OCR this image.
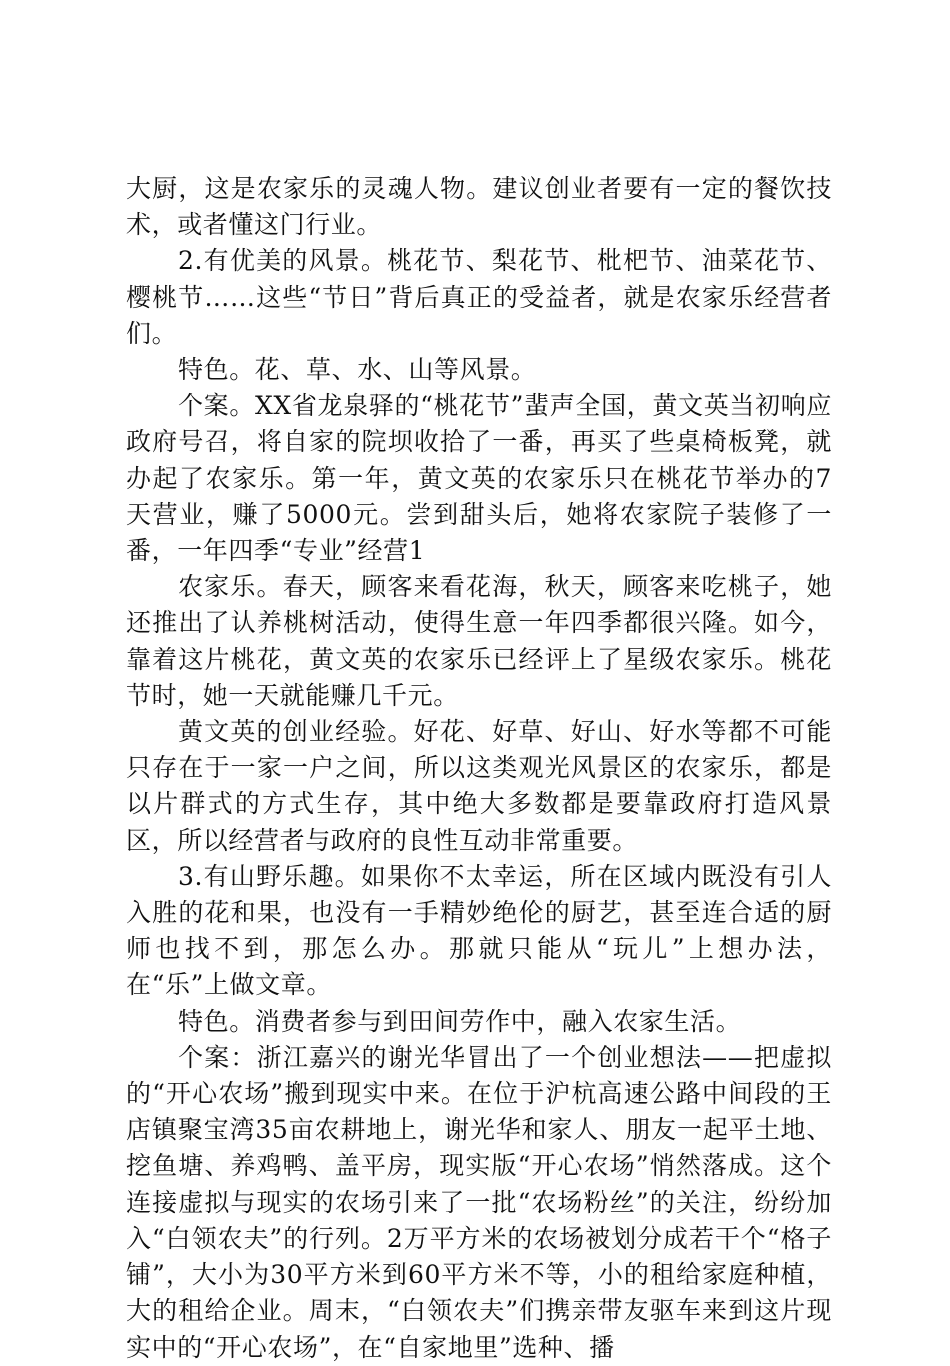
大厨，这是农家乐的灵魂人物。建议创业者要有一定的餐饮技术，或者懂这门行业。

2.有优美的风景。桃花节、梨花节、枇杷节、油菜花节、樱桃节……这些“节日”背后真正的受益者，就是农家乐经营者们。

特色。花、草、水、山等风景。

个案。XX省龙泉驿的“桃花节”蜚声全国，黄文英当初响应政府号召，将自家的院坝收拾了一番，再买了些桌椅板凳，就办起了农家乐。第一年，黄文英的农家乐只在桃花节举办的7天营业，赚了5000元。尝到甜头后，她将农家院子装修了一番，一年四季“专业”经营1

农家乐。春天，顾客来看花海，秋天，顾客来吃桃子，她还推出了认养桃树活动，使得生意一年四季都很兴隆。如今，靠着这片桃花，黄文英的农家乐已经评上了星级农家乐。桃花节时，她一天就能赚几千元。

黄文英的创业经验。好花、好草、好山、好水等都不可能只存在于一家一户之间，所以这类观光风景区的农家乐，都是以片群式的方式生存，其中绝大多数都是要靠政府打造风景区，所以经营者与政府的良性互动非常重要。

3.有山野乐趣。如果你不太幸运，所在区域内既没有引人入胜的花和果，也没有一手精妙绝伦的厨艺，甚至连合适的厨师也找不到，那怎么办。那就只能从“玩儿”上想办法，在“乐”上做文章。

特色。消费者参与到田间劳作中，融入农家生活。

个案：浙江嘉兴的谢光华冒出了一个创业想法——把虚拟的“开心农场”搬到现实中来。在位于沪杭高速公路中间段的王店镇聚宝湾35亩农耕地上，谢光华和家人、朋友一起平土地、挖鱼塘、养鸡鸭、盖平房，现实版“开心农场”悄然落成。这个连接虚拟与现实的农场引来了一批“农场粉丝”的关注，纷纷加入“白领农夫”的行列。2万平方米的农场被划分成若干个“格子铺”，大小为30平方米到60平方米不等，小的租给家庭种植，大的租给企业。周末，“白领农夫”们携亲带友驱车来到这片现实中的“开心农场”，在“自家地里”选种、播
